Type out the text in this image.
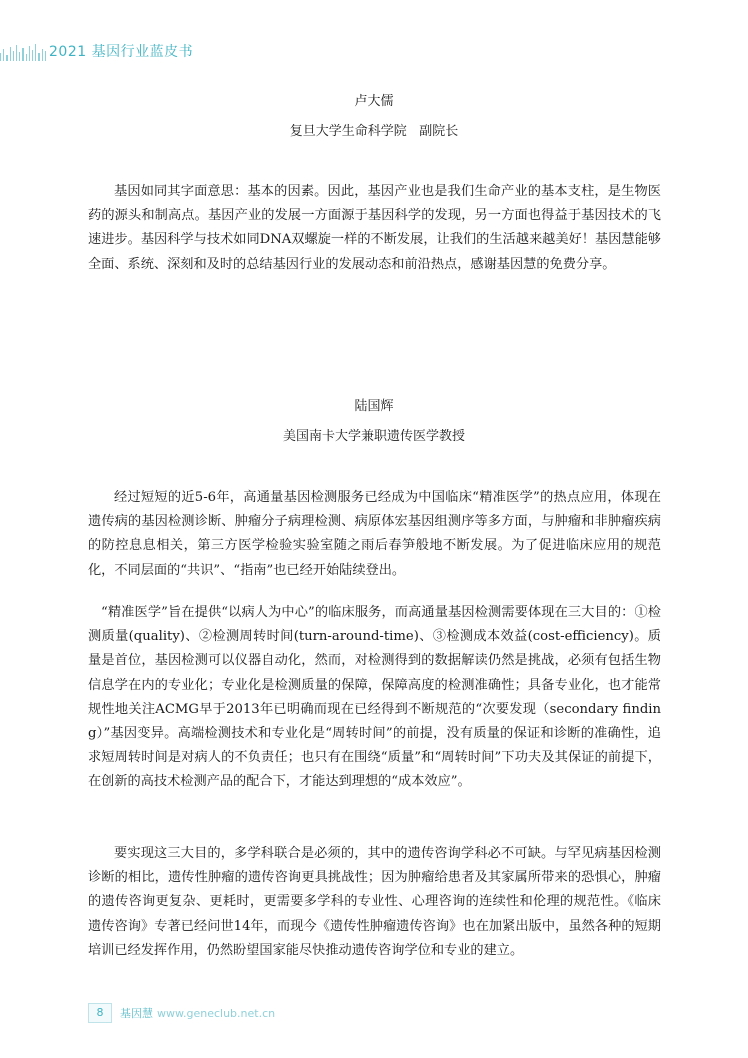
2021 基因行业蓝皮书

卢大儒

复旦大学生命科学院   副院长

基因如同其字面意思：基本的因素。因此，基因产业也是我们生命产业的基本支柱，是生物医药的源头和制高点。基因产业的发展一方面源于基因科学的发现，另一方面也得益于基因技术的飞速进步。基因科学与技术如同DNA双螺旋一样的不断发展，让我们的生活越来越美好！基因慧能够全面、系统、深刻和及时的总结基因行业的发展动态和前沿热点，感谢基因慧的免费分享。

陆国辉

美国南卡大学兼职遗传医学教授

经过短短的近5-6年，高通量基因检测服务已经成为中国临床“精准医学”的热点应用，体现在遗传病的基因检测诊断、肿瘤分子病理检测、病原体宏基因组测序等多方面，与肿瘤和非肿瘤疾病的防控息息相关，第三方医学检验实验室随之雨后春笋般地不断发展。为了促进临床应用的规范化，不同层面的“共识”、“指南”也已经开始陆续登出。

“精准医学”旨在提供“以病人为中心”的临床服务，而高通量基因检测需要体现在三大目的：①检测质量(quality)、②检测周转时间(turn-around-time)、③检测成本效益(cost-efficiency)。质量是首位，基因检测可以仪器自动化，然而，对检测得到的数据解读仍然是挑战，必须有包括生物信息学在内的专业化；专业化是检测质量的保障，保障高度的检测准确性；具备专业化，也才能常规性地关注ACMG早于2013年已明确而现在已经得到不断规范的“次要发现（secondary finding）”基因变异。高端检测技术和专业化是“周转时间”的前提，没有质量的保证和诊断的准确性，追求短周转时间是对病人的不负责任；也只有在围绕“质量”和“周转时间”下功夫及其保证的前提下，在创新的高技术检测产品的配合下，才能达到理想的“成本效应”。

要实现这三大目的，多学科联合是必须的，其中的遗传咨询学科必不可缺。与罕见病基因检测诊断的相比，遗传性肿瘤的遗传咨询更具挑战性；因为肿瘤给患者及其家属所带来的恐惧心，肿瘤的遗传咨询更复杂、更耗时，更需要多学科的专业性、心理咨询的连续性和伦理的规范性。《临床遗传咨询》专著已经问世14年，而现今《遗传性肿瘤遗传咨询》也在加紧出版中，虽然各种的短期培训已经发挥作用，仍然盼望国家能尽快推动遗传咨询学位和专业的建立。

8	基因慧 www.geneclub.net.cn
